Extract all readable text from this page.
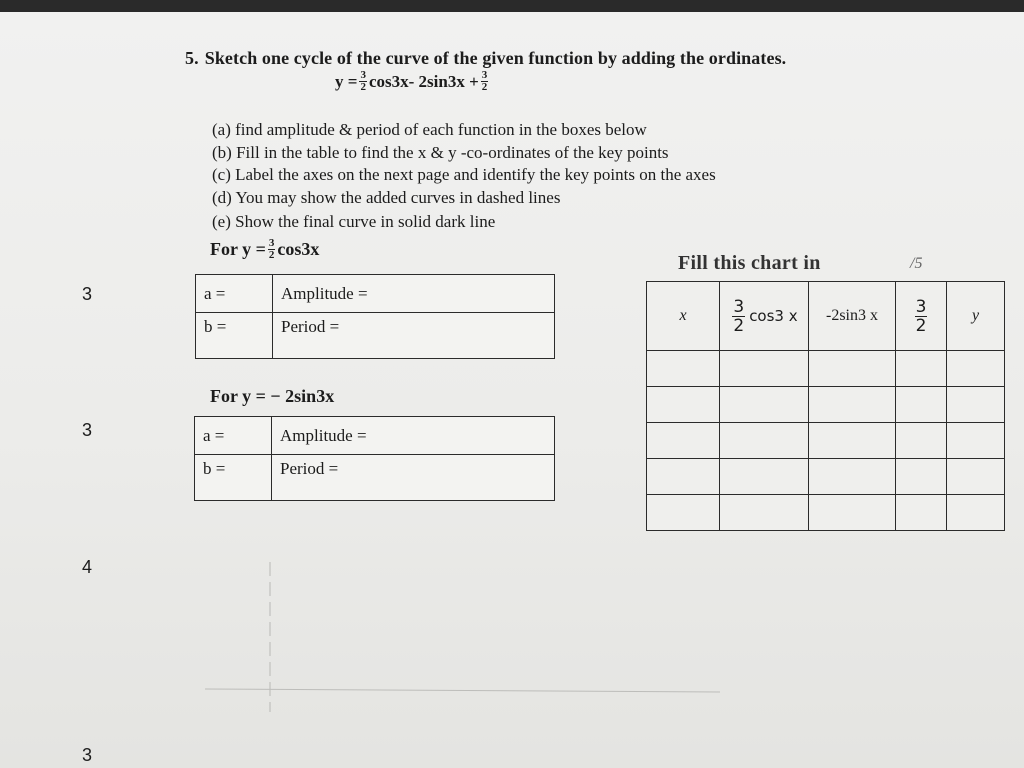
5. Sketch one cycle of the curve of the given function by adding the ordinates.
$y = \frac{3}{2} \cos 3x - 2\sin 3x + \frac{3}{2}$
(a) find amplitude & period of each function in the boxes below
(b) Fill in the table to find the x & y -co-ordinates of the key points
(c) Label the axes on the next page and identify the key points on the axes
(d) You may show the added curves in dashed lines
(e) Show the final curve in solid dark line
For $y = \frac{3}{2} \cos 3x$
a =	Amplitude =
b =	Period =
For y = − 2sin3x
a =	Amplitude =
b =	Period =
Fill this chart in	/5
x	$\frac{3}{2} \cos 3$ x	-2sin3 x	$\frac{3}{2}$	y

3
3
4
3
